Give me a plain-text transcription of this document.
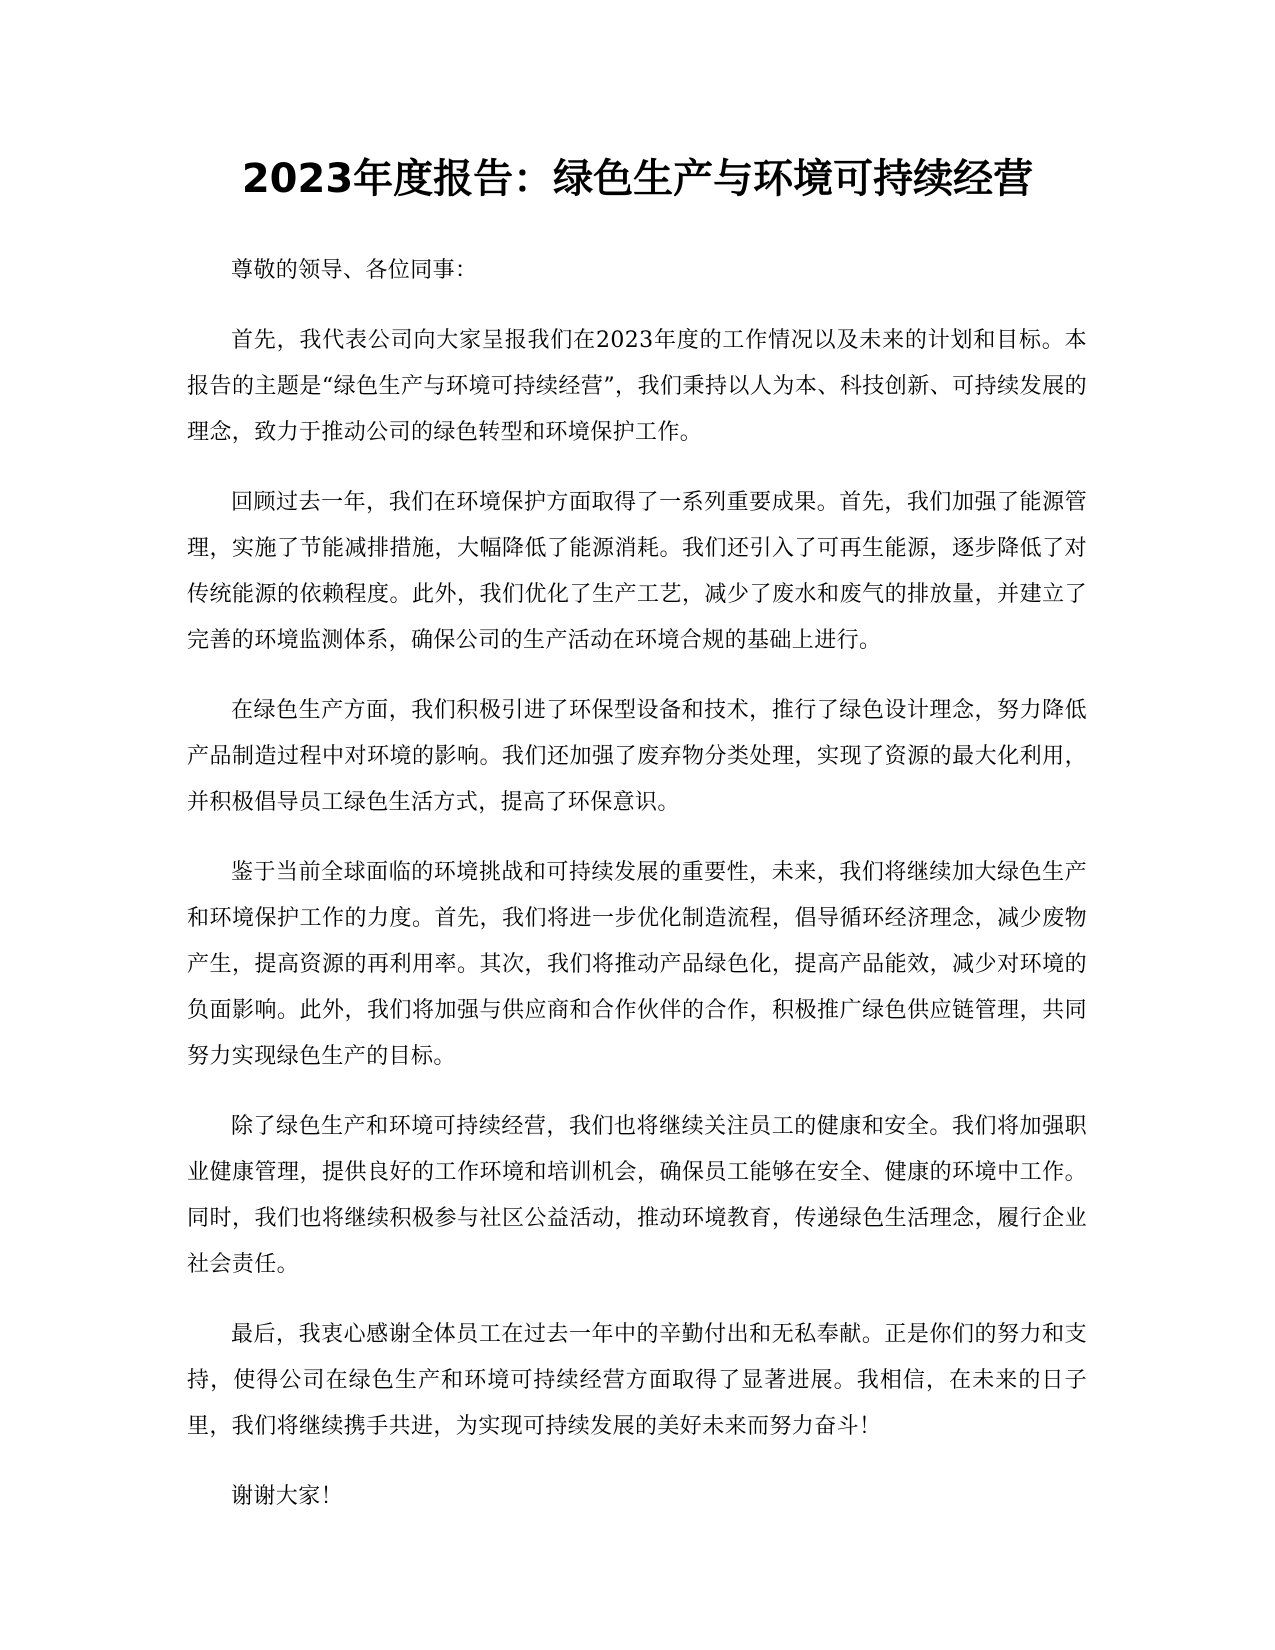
2023年度报告：绿色生产与环境可持续经营

尊敬的领导、各位同事：

首先，我代表公司向大家呈报我们在2023年度的工作情况以及未来的计划和目标。本报告的主题是“绿色生产与环境可持续经营”，我们秉持以人为本、科技创新、可持续发展的理念，致力于推动公司的绿色转型和环境保护工作。

回顾过去一年，我们在环境保护方面取得了一系列重要成果。首先，我们加强了能源管理，实施了节能减排措施，大幅降低了能源消耗。我们还引入了可再生能源，逐步降低了对传统能源的依赖程度。此外，我们优化了生产工艺，减少了废水和废气的排放量，并建立了完善的环境监测体系，确保公司的生产活动在环境合规的基础上进行。

在绿色生产方面，我们积极引进了环保型设备和技术，推行了绿色设计理念，努力降低产品制造过程中对环境的影响。我们还加强了废弃物分类处理，实现了资源的最大化利用，并积极倡导员工绿色生活方式，提高了环保意识。

鉴于当前全球面临的环境挑战和可持续发展的重要性，未来，我们将继续加大绿色生产和环境保护工作的力度。首先，我们将进一步优化制造流程，倡导循环经济理念，减少废物产生，提高资源的再利用率。其次，我们将推动产品绿色化，提高产品能效，减少对环境的负面影响。此外，我们将加强与供应商和合作伙伴的合作，积极推广绿色供应链管理，共同努力实现绿色生产的目标。

除了绿色生产和环境可持续经营，我们也将继续关注员工的健康和安全。我们将加强职业健康管理，提供良好的工作环境和培训机会，确保员工能够在安全、健康的环境中工作。同时，我们也将继续积极参与社区公益活动，推动环境教育，传递绿色生活理念，履行企业社会责任。

最后，我衷心感谢全体员工在过去一年中的辛勤付出和无私奉献。正是你们的努力和支持，使得公司在绿色生产和环境可持续经营方面取得了显著进展。我相信，在未来的日子里，我们将继续携手共进，为实现可持续发展的美好未来而努力奋斗！

谢谢大家！
